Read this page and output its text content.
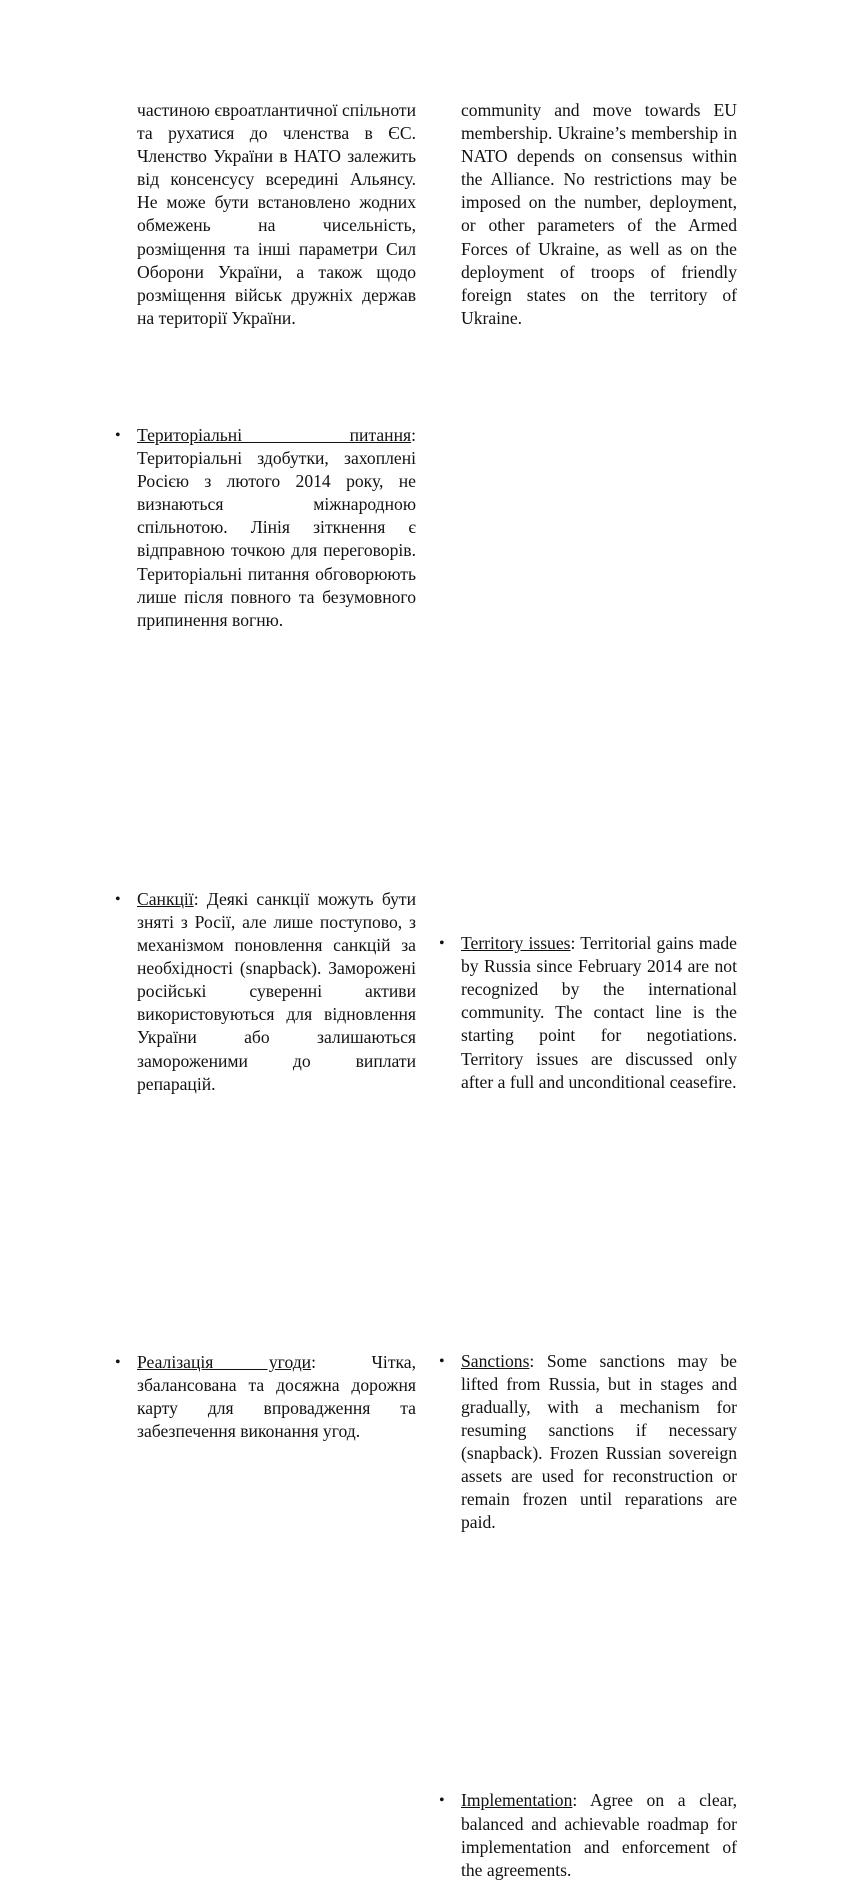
частиною євроатлантичної спільноти та рухатися до членства в ЄС. Членство України в НАТО залежить від консенсусу всередині Альянсу. Не може бути встановлено жодних обмежень на чисельність, розміщення та інші параметри Сил Оборони України, а також щодо розміщення військ дружніх держав на території України.

• Територіальні питання: Територіальні здобутки, захоплені Росією з лютого 2014 року, не визнаються міжнародною спільнотою. Лінія зіткнення є відправною точкою для переговорів. Територіальні питання обговорюють лише після повного та безумовного припинення вогню.

• Санкції: Деякі санкції можуть бути зняті з Росії, але лише поступово, з механізмом поновлення санкцій за необхідності (snapback). Заморожені російські суверенні активи використовуються для відновлення України або залишаються замороженими до виплати репарацій.

• Реалізація угоди:	Чітка, збалансована та досяжна дорожня карту для впровадження та забезпечення виконання угод.

community and move towards EU membership. Ukraine’s membership in NATO depends on consensus within the Alliance. No restrictions may be imposed on the number, deployment, or other parameters of the Armed Forces of Ukraine, as well as on the deployment of troops of friendly foreign states on the territory of Ukraine.

• Territory issues: Territorial gains made by Russia since February 2014 are not recognized by the international community. The contact line is the starting point for negotiations. Territory issues are discussed only after a full and unconditional ceasefire.

• Sanctions: Some sanctions may be lifted from Russia, but in stages and gradually, with a mechanism for resuming sanctions if necessary (snapback). Frozen Russian sovereign assets are used for reconstruction or remain frozen until reparations are paid.

• Implementation: Agree on a clear, balanced and achievable roadmap for implementation and enforcement of the agreements.
